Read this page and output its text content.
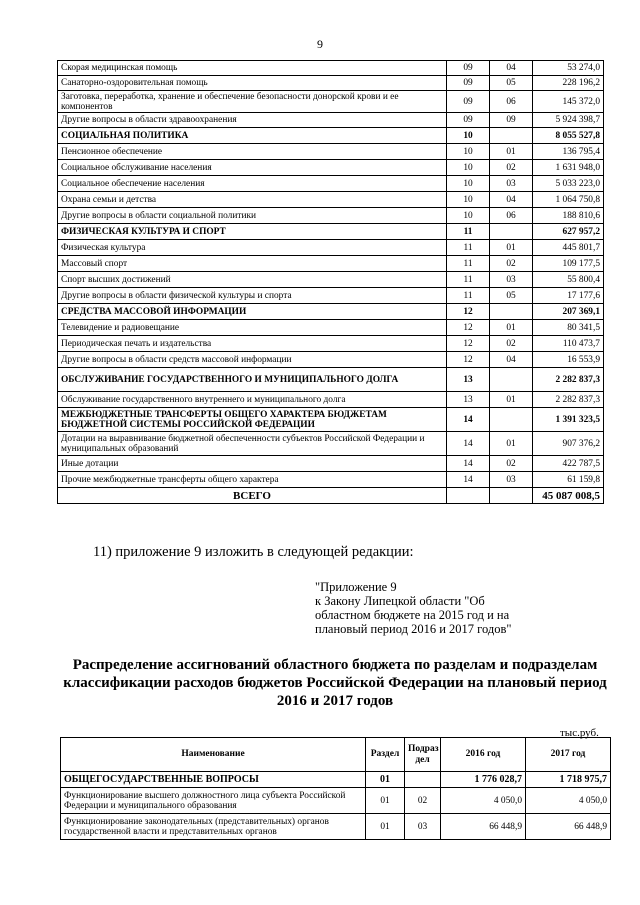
9
Скорая медицинская помощь	09	04	53 274,0
Санаторно-оздоровительная помощь	09	05	228 196,2
Заготовка, переработка, хранение и обеспечение безопасности донорской крови и ее компонентов	09	06	145 372,0
Другие вопросы в области здравоохранения	09	09	5 924 398,7
СОЦИАЛЬНАЯ ПОЛИТИКА	10		8 055 527,8
Пенсионное обеспечение	10	01	136 795,4
Социальное обслуживание населения	10	02	1 631 948,0
Социальное обеспечение населения	10	03	5 033 223,0
Охрана семьи и детства	10	04	1 064 750,8
Другие вопросы в области социальной политики	10	06	188 810,6
ФИЗИЧЕСКАЯ КУЛЬТУРА И СПОРТ	11		627 957,2
Физическая культура	11	01	445 801,7
Массовый спорт	11	02	109 177,5
Спорт высших достижений	11	03	55 800,4
Другие вопросы в области физической культуры и спорта	11	05	17 177,6
СРЕДСТВА МАССОВОЙ ИНФОРМАЦИИ	12		207 369,1
Телевидение и радиовещание	12	01	80 341,5
Периодическая печать и издательства	12	02	110 473,7
Другие вопросы в области средств массовой информации	12	04	16 553,9
ОБСЛУЖИВАНИЕ ГОСУДАРСТВЕННОГО И МУНИЦИПАЛЬНОГО ДОЛГА	13		2 282 837,3
Обслуживание государственного внутреннего и муниципального долга	13	01	2 282 837,3
МЕЖБЮДЖЕТНЫЕ ТРАНСФЕРТЫ ОБЩЕГО ХАРАКТЕРА БЮДЖЕТАМ БЮДЖЕТНОЙ СИСТЕМЫ РОССИЙСКОЙ ФЕДЕРАЦИИ	14		1 391 323,5
Дотации на выравнивание бюджетной обеспеченности субъектов Российской Федерации и муниципальных образований	14	01	907 376,2
Иные дотации	14	02	422 787,5
Прочие межбюджетные трансферты общего характера	14	03	61 159,8
ВСЕГО			45 087 008,5
11) приложение 9 изложить в следующей редакции:
"Приложение 9
к Закону Липецкой области "Об
областном бюджете на 2015 год и на
плановый период 2016 и 2017 годов"
Распределение ассигнований областного бюджета по разделам и подразделам классификации расходов бюджетов Российской Федерации на плановый период 2016 и 2017 годов
тыс.руб.
Наименование	Раздел	Подраз дел	2016 год	2017 год
ОБЩЕГОСУДАРСТВЕННЫЕ ВОПРОСЫ	01		1 776 028,7	1 718 975,7
Функционирование высшего должностного лица субъекта Российской Федерации и муниципального образования	01	02	4 050,0	4 050,0
Функционирование законодательных (представительных) органов государственной власти и представительных органов	01	03	66 448,9	66 448,9
